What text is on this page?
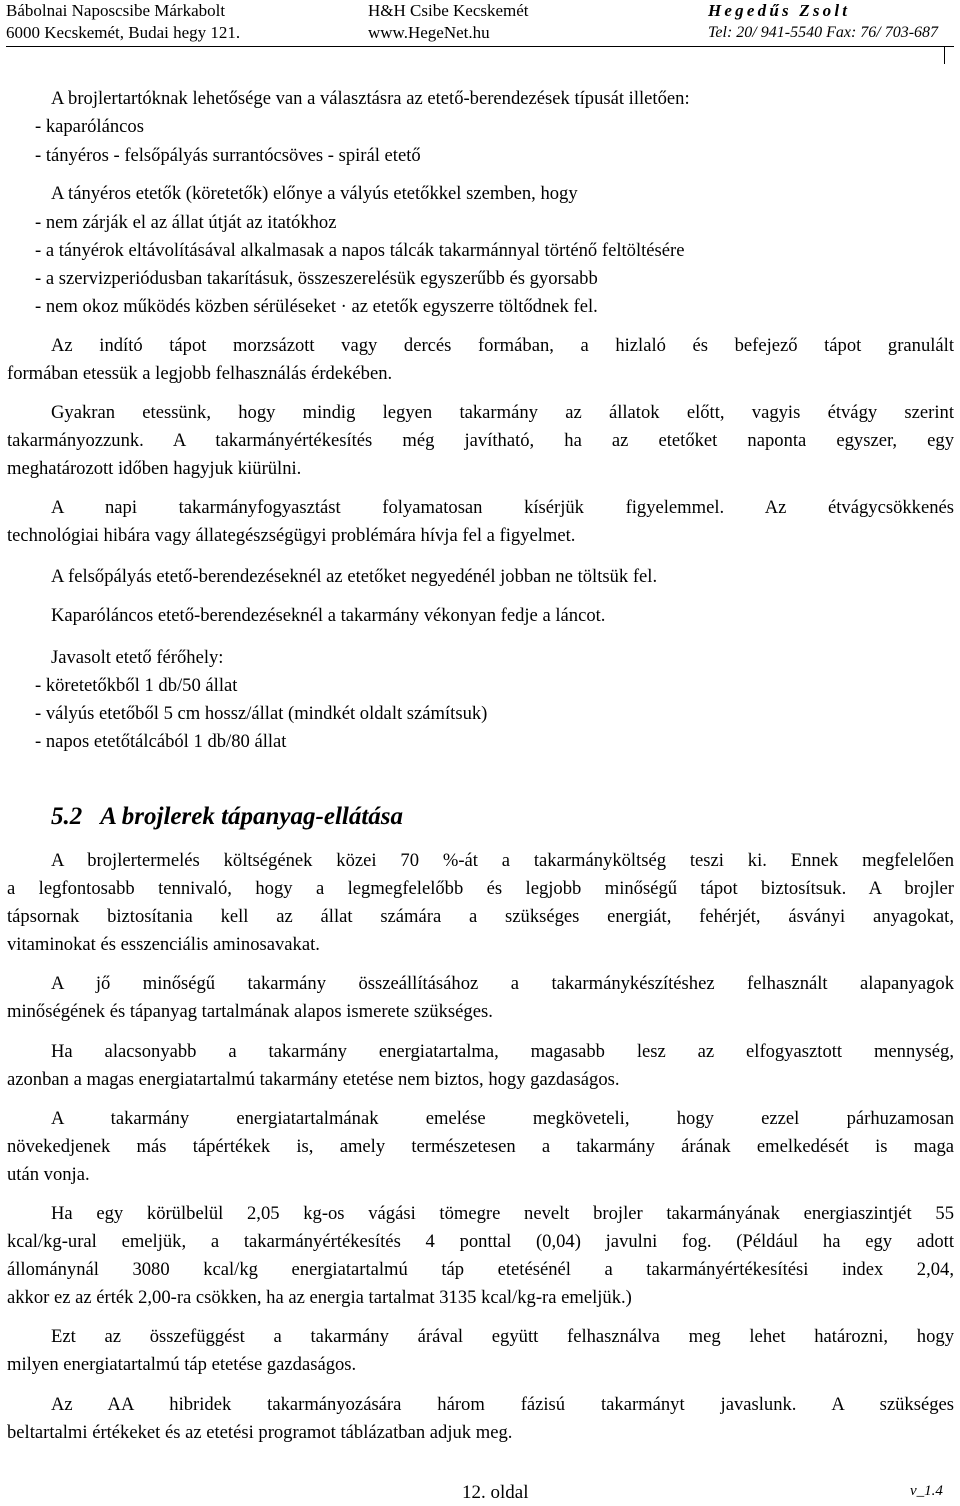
Bábolnai Naposcsibe Márkabolt
6000 Kecskemét, Budai hegy 121.
H&H Csibe Kecskemét
www.HegeNet.hu
Hegedűs Zsolt
Tel: 20/ 941-5540 Fax: 76/ 703-687
A brojlertartóknak lehetősége van a választásra az etető-berendezések típusát illetően:
- kaparóláncos
- tányéros - felsőpályás surrantócsöves - spirál etető
A tányéros etetők (köretetők) előnye a vályús etetőkkel szemben, hogy
- nem zárják el az állat útját az itatókhoz
- a tányérok eltávolításával alkalmasak a napos tálcák takarmánnyal történő feltöltésére
- a szervizperiódusban takarításuk, összeszerelésük egyszerűbb és gyorsabb
- nem okoz működés közben sérüléseket · az etetők egyszerre töltődnek fel.
Az indító tápot morzsázott vagy dercés formában, a hizlaló és befejező tápot granulált
formában etessük a legjobb felhasználás érdekében.
Gyakran etessünk, hogy mindig legyen takarmány az állatok előtt, vagyis étvágy szerint
takarmányozzunk. A takarmányértékesítés még javítható, ha az etetőket naponta egyszer, egy
meghatározott időben hagyjuk kiürülni.
A napi takarmányfogyasztást folyamatosan kísérjük figyelemmel. Az étvágycsökkenés
technológiai hibára vagy állategészségügyi problémára hívja fel a figyelmet.
A felsőpályás etető-berendezéseknél az etetőket negyedénél jobban ne töltsük fel.
Kaparóláncos etető-berendezéseknél a takarmány vékonyan fedje a láncot.
Javasolt etető férőhely:
- köretetőkből 1 db/50 állat
- vályús etetőből 5 cm hossz/állat (mindkét oldalt számítsuk)
- napos etetőtálcából 1 db/80 állat
5.2 A brojlerek tápanyag-ellátása
A brojlertermelés költségének közei 70 %-át a takarmányköltség teszi ki. Ennek megfelelően
a legfontosabb tennivaló, hogy a legmegfelelőbb és legjobb minőségű tápot biztosítsuk. A brojler
tápsornak biztosítania kell az állat számára a szükséges energiát, fehérjét, ásványi anyagokat,
vitaminokat és esszenciális aminosavakat.
A jő minőségű takarmány összeállításához a takarmánykészítéshez felhasznált alapanyagok
minőségének és tápanyag tartalmának alapos ismerete szükséges.
Ha alacsonyabb a takarmány energiatartalma, magasabb lesz az elfogyasztott mennység,
azonban a magas energiatartalmú takarmány etetése nem biztos, hogy gazdaságos.
A takarmány energiatartalmának emelése megköveteli, hogy ezzel párhuzamosan
növekedjenek más tápértékek is, amely természetesen a takarmány árának emelkedését is maga
után vonja.
Ha egy körülbelül 2,05 kg-os vágási tömegre nevelt brojler takarmányának energiaszintjét 55
kcal/kg-ural emeljük, a takarmányértékesítés 4 ponttal (0,04) javulni fog. (Például ha egy adott
állománynál 3080 kcal/kg energiatartalmú táp etetésénél a takarmányértékesítési index 2,04,
akkor ez az érték 2,00-ra csökken, ha az energia tartalmat 3135 kcal/kg-ra emeljük.)
Ezt az összefüggést a takarmány árával együtt felhasználva meg lehet határozni, hogy
milyen energiatartalmú táp etetése gazdaságos.
Az AA hibridek takarmányozására három fázisú takarmányt javaslunk. A szükséges
beltartalmi értékeket és az etetési programot táblázatban adjuk meg.
12. oldal	v_1.4
